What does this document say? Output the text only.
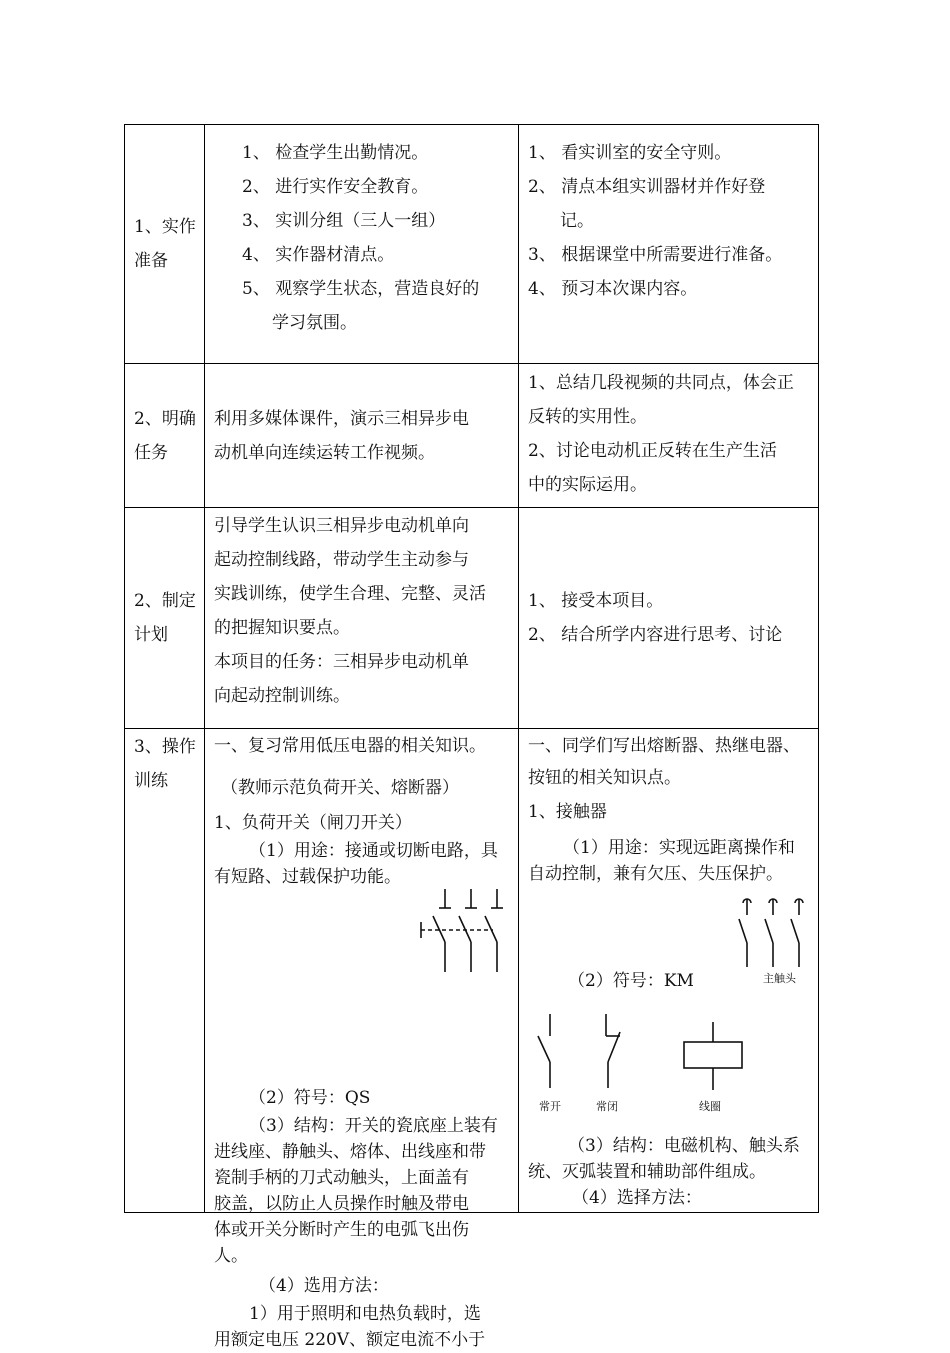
1、实作
准备
1、 检查学生出勤情况。
2、 进行实作安全教育。
3、 实训分组（三人一组）
4、 实作器材清点。
5、 观察学生状态，营造良好的
学习氛围。
1、 看实训室的安全守则。
2、 清点本组实训器材并作好登
记。
3、 根据课堂中所需要进行准备。
4、 预习本次课内容。
2、明确
任务
利用多媒体课件，演示三相异步电
动机单向连续运转工作视频。
1、总结几段视频的共同点，体会正
反转的实用性。
2、讨论电动机正反转在生产生活
中的实际运用。
2、制定
计划
引导学生认识三相异步电动机单向
起动控制线路，带动学生主动参与
实践训练，使学生合理、完整、灵活
的把握知识要点。
本项目的任务：三相异步电动机单
向起动控制训练。
1、 接受本项目。
2、 结合所学内容进行思考、讨论
3、操作
训练
一、复习常用低压电器的相关知识。
（教师示范负荷开关、熔断器）
1、负荷开关（闸刀开关）
（1）用途：接通或切断电路，具
有短路、过载保护功能。
（2）符号：QS
（3）结构：开关的瓷底座上装有
进线座、静触头、熔体、出线座和带
瓷制手柄的刀式动触头，上面盖有
胶盖，以防止人员操作时触及带电
体或开关分断时产生的电弧飞出伤
人。
（4）选用方法：
1）用于照明和电热负载时，选
用额定电压 220V、额定电流不小于
一、同学们写出熔断器、热继电器、
按钮的相关知识点。
1、接触器
（1）用途：实现远距离操作和
自动控制，兼有欠压、失压保护。
主触头
（2）符号：KM
常开	常闭	线圈
（3）结构：电磁机构、触头系
统、灭弧装置和辅助部件组成。
（4）选择方法：
